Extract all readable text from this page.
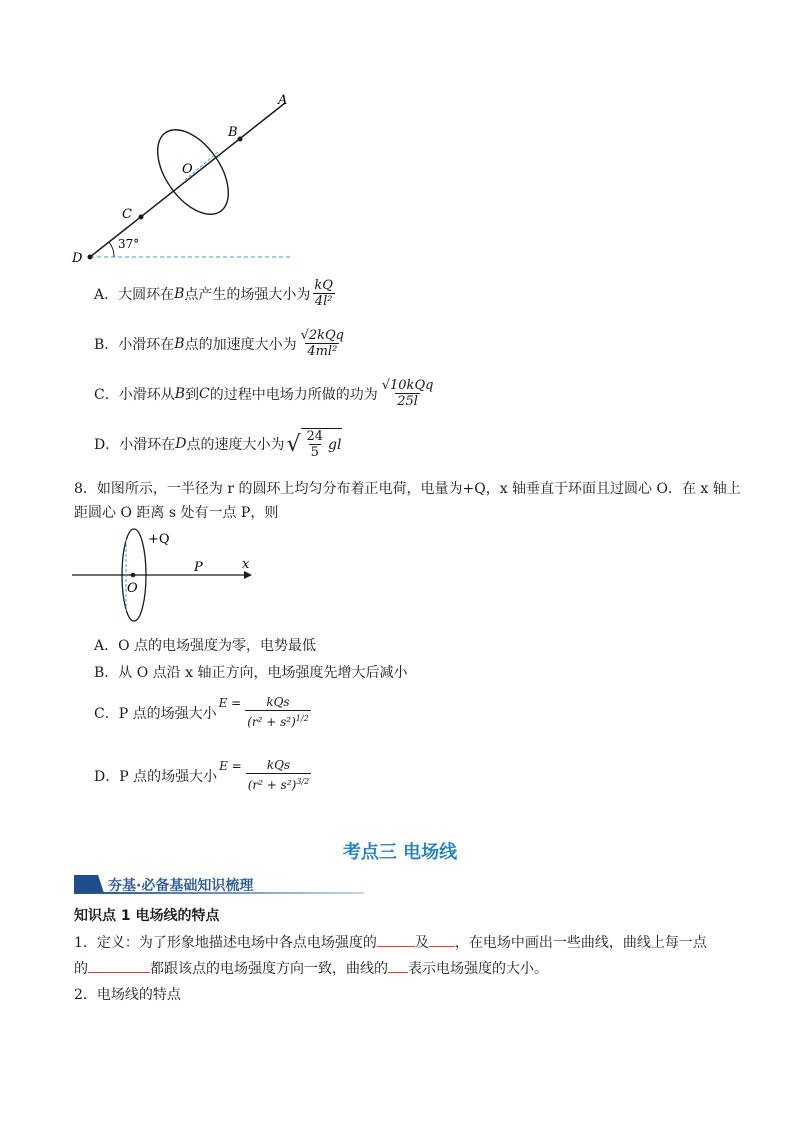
A
B
O
C
D
37°
A．大圆环在 B 点产生的场强大小为 $\frac{kQ}{\text{4l²}}$
B．小滑环在 B 点的加速度大小为 $\frac{\text{√2kQq}}{\text{4ml²}}$
C．小滑环从 B 到 C 的过程中电场力所做的功为 $\frac{\text{√10kQq}}{25l}$
D．小滑环在 D 点的速度大小为 √ $\frac{24}{5}$ gl
8．如图所示，一半径为 r 的圆环上均匀分布着正电荷，电量为+Q，x 轴垂直于环面且过圆心 O．在 x 轴上
距圆心 O 距离 s 处有一点 P，则
+Q
P	x
O
A．O 点的电场强度为零，电势最低
B．从 O 点沿 x 轴正方向，电场强度先增大后减小
C．P 点的场强大小
$E = \frac{\text{kQs}}{(r^2 + s^2)^{1/2}}$
D．P 点的场强大小
$E = \frac{\text{kQs}}{(r^2 + s^2)^{3/2}}$
考点三 电场线
夯基·必备基础知识梳理
知识点 1 电场线的特点
1．定义：为了形象地描述电场中各点电场强度的	及 ，在电场中画出一些曲线，曲线上每一点
的	都跟该点的电场强度方向一致，曲线的 表示电场强度的大小。
2．电场线的特点
